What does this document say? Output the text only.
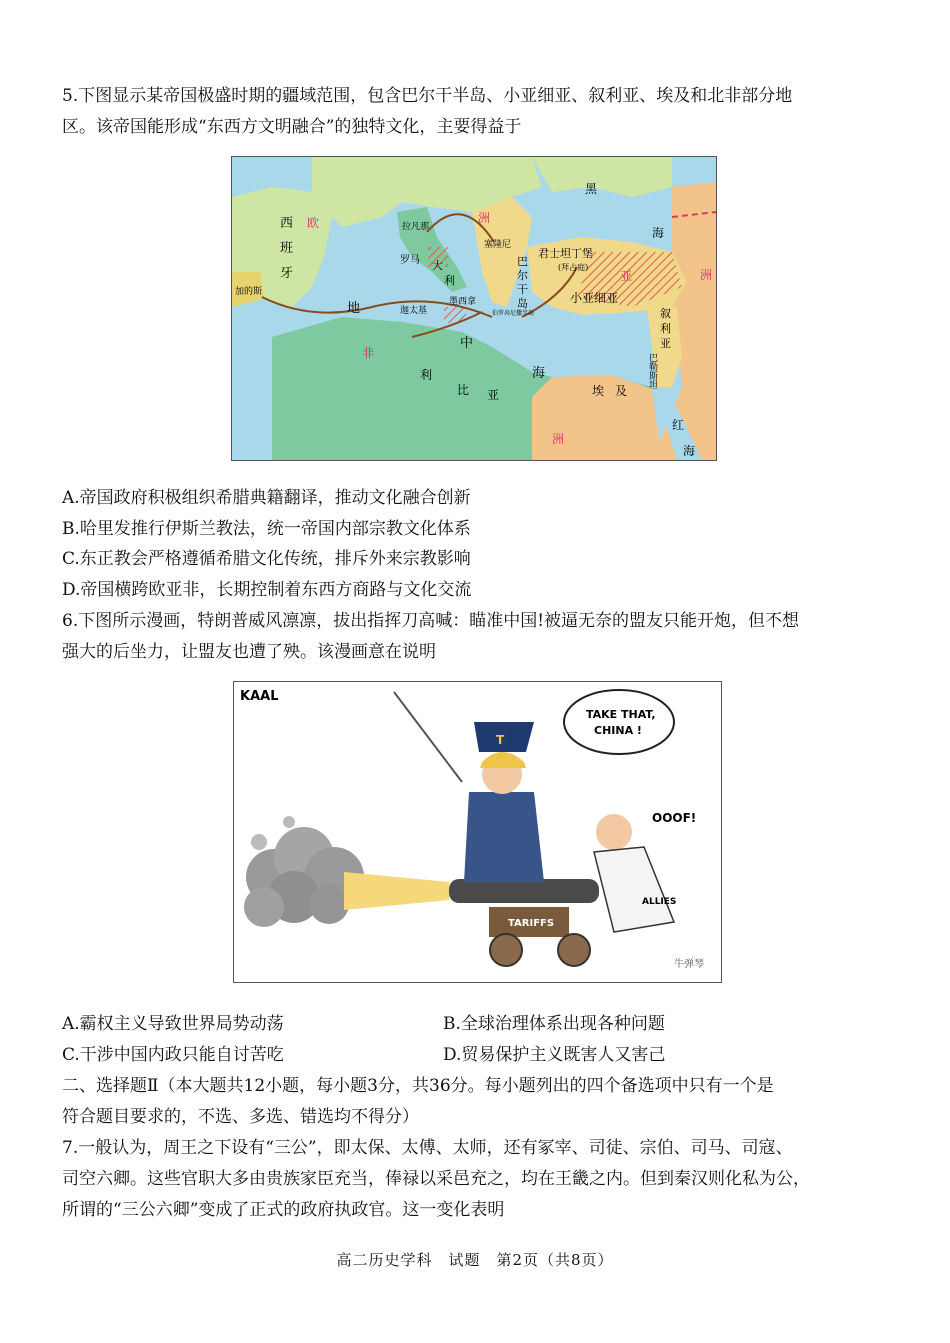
5.下图显示某帝国极盛时期的疆域范围，包含巴尔干半岛、小亚细亚、叙利亚、埃及和北非部分地
区。该帝国能形成“东西方文明融合”的独特文化，主要得益于
西
班
牙
欧	洲
拉凡那
罗马 大
利
塞隆尼
巴
尔
干
岛
君士坦丁堡
(拜占庭)
黑
海
亚	洲
小亚细亚
叙
利
亚
巴勒斯坦
加的斯
地
中
海
迦太基
墨西拿
伯罗奔尼撒半岛
非
洲
利
比 亚	埃 及
红
海
A.帝国政府积极组织希腊典籍翻译，推动文化融合创新
B.哈里发推行伊斯兰教法，统一帝国内部宗教文化体系
C.东正教会严格遵循希腊文化传统，排斥外来宗教影响
D.帝国横跨欧亚非，长期控制着东西方商路与文化交流
6.下图所示漫画，特朗普威风凛凛，拔出指挥刀高喊：瞄准中国!被逼无奈的盟友只能开炮，但不想
强大的后坐力，让盟友也遭了殃。该漫画意在说明
KAAL
TARIFFS
T
TAKE THAT,
CHINA !
ALLIES
OOOF!
牛弹琴
A.霸权主义导致世界局势动荡	B.全球治理体系出现各种问题
C.干涉中国内政只能自讨苦吃	D.贸易保护主义既害人又害己
二、选择题Ⅱ（本大题共12小题，每小题3分，共36分。每小题列出的四个备选项中只有一个是
符合题目要求的，不选、多选、错选均不得分）
7.一般认为，周王之下设有“三公”，即太保、太傅、太师，还有冢宰、司徒、宗伯、司马、司寇、
司空六卿。这些官职大多由贵族家臣充当，俸禄以采邑充之，均在王畿之内。但到秦汉则化私为公，
所谓的“三公六卿”变成了正式的政府执政官。这一变化表明
高二历史学科　试题　第2页（共8页）
